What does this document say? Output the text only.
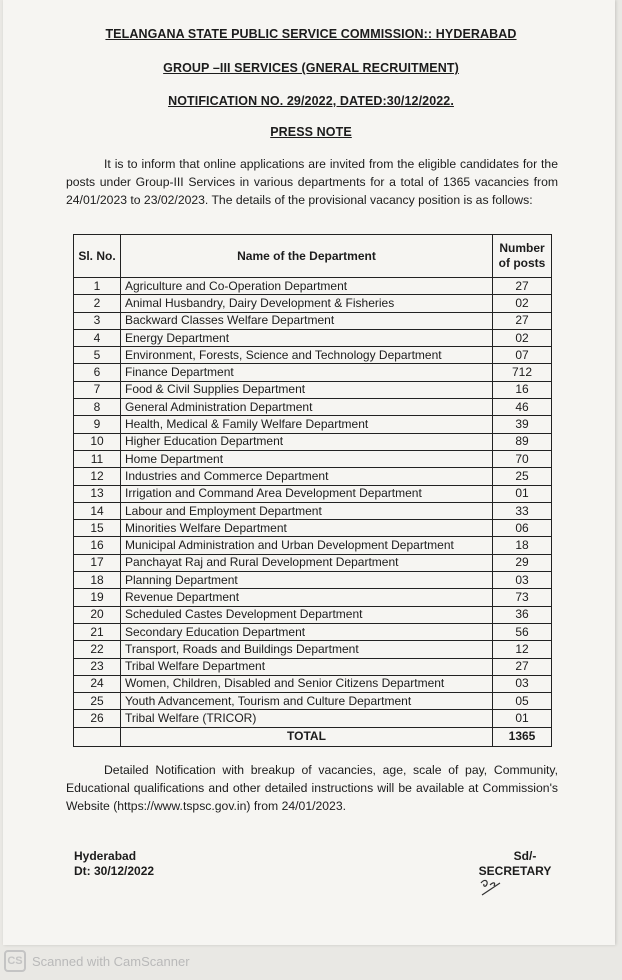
TELANGANA STATE PUBLIC SERVICE COMMISSION:: HYDERABAD
GROUP –III SERVICES (GNERAL RECRUITMENT)
NOTIFICATION NO. 29/2022, DATED:30/12/2022.
PRESS NOTE
It is to inform that online applications are invited from the eligible candidates for the posts under Group-III Services in various departments for a total of 1365 vacancies from 24/01/2023 to 23/02/2023. The details of the provisional vacancy position is as follows:
Sl. No.	Name of the Department	Number of posts
1	Agriculture and Co-Operation Department	27
2	Animal Husbandry, Dairy Development & Fisheries	02
3	Backward Classes Welfare Department	27
4	Energy Department	02
5	Environment, Forests, Science and Technology Department	07
6	Finance Department	712
7	Food & Civil Supplies Department	16
8	General Administration Department	46
9	Health, Medical & Family Welfare Department	39
10	Higher Education Department	89
11	Home Department	70
12	Industries and Commerce Department	25
13	Irrigation and Command Area Development Department	01
14	Labour and Employment Department	33
15	Minorities Welfare Department	06
16	Municipal Administration and Urban Development Department	18
17	Panchayat Raj and Rural Development Department	29
18	Planning Department	03
19	Revenue Department	73
20	Scheduled Castes Development Department	36
21	Secondary Education Department	56
22	Transport, Roads and Buildings Department	12
23	Tribal Welfare Department	27
24	Women, Children, Disabled and Senior Citizens Department	03
25	Youth Advancement, Tourism and Culture Department	05
26	Tribal Welfare (TRICOR)	01
	TOTAL	1365
Detailed Notification with breakup of vacancies, age, scale of pay, Community, Educational qualifications and other detailed instructions will be available at Commission's Website (https://www.tspsc.gov.in) from 24/01/2023.
Hyderabad
Dt: 30/12/2022
Sd/-
SECRETARY
CS Scanned with CamScanner
